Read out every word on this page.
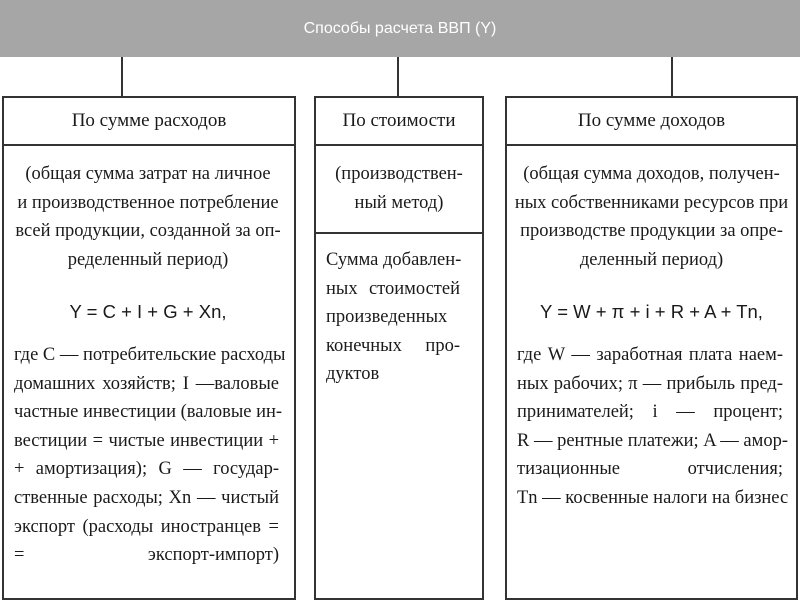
Способы расчета ВВП (Y)
По сумме расходов
(общая сумма затрат на личное
и производственное потребление
всей продукции, созданной за оп-
ределенный период)
Y = C + I + G + Xn,
где C — потребительские расходы
домашних хозяйств; I —валовые
частные инвестиции (валовые ин-
вестиции = чистые инвестиции +
+ амортизация); G — государ-
ственные расходы; Xn — чистый
экспорт (расходы иностранцев =
= экспорт-импорт)
По стоимости
(производствен-
ный метод)
Сумма добавлен-
ных стоимостей
произведенных
конечных про-
дуктов
По сумме доходов
(общая сумма доходов, получен-
ных собственниками ресурсов при
производстве продукции за опре-
деленный период)
Y = W + π + i + R + A + Tn,
где W — заработная плата наем-
ных рабочих; π — прибыль пред-
принимателей; i — процент;
R — рентные платежи; A — амор-
тизационные отчисления;
Tn — косвенные налоги на бизнес
